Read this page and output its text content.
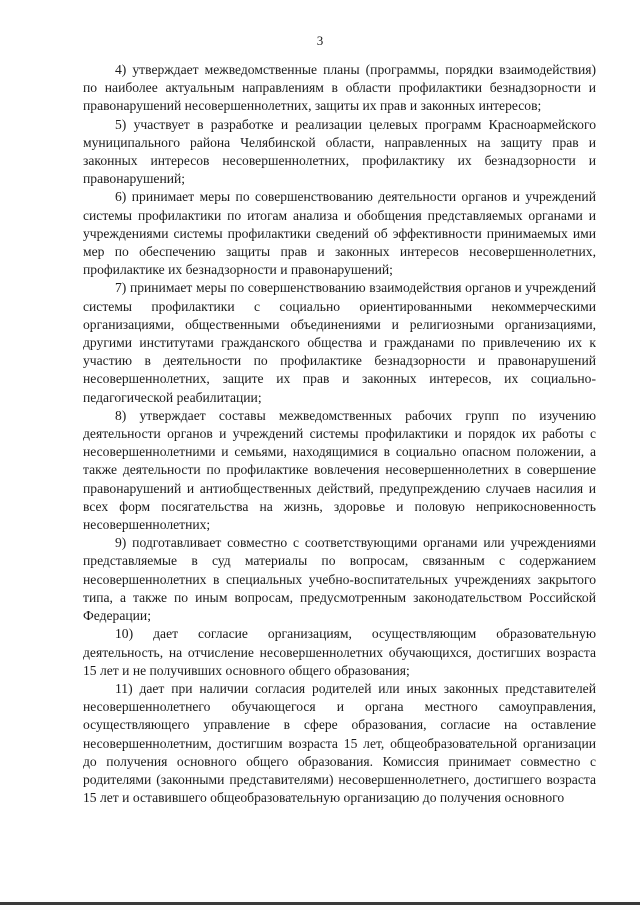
3

4) утверждает межведомственные планы (программы, порядки взаимодействия) по наиболее актуальным направлениям в области профилактики безнадзорности и правонарушений несовершеннолетних, защиты их прав и законных интересов;

5) участвует в разработке и реализации целевых программ Красноармейского муниципального района Челябинской области, направленных на защиту прав и законных интересов несовершеннолетних, профилактику их безнадзорности и правонарушений;

6) принимает меры по совершенствованию деятельности органов и учреждений системы профилактики по итогам анализа и обобщения представляемых органами и учреждениями системы профилактики сведений об эффективности принимаемых ими мер по обеспечению защиты прав и законных интересов несовершеннолетних, профилактике их безнадзорности и правонарушений;

7) принимает меры по совершенствованию взаимодействия органов и учреждений системы профилактики с социально ориентированными некоммерческими организациями, общественными объединениями и религиозными организациями, другими институтами гражданского общества и гражданами по привлечению их к участию в деятельности по профилактике безнадзорности и правонарушений несовершеннолетних, защите их прав и законных интересов, их социально-педагогической реабилитации;

8) утверждает составы межведомственных рабочих групп по изучению деятельности органов и учреждений системы профилактики и порядок их работы с несовершеннолетними и семьями, находящимися в социально опасном положении, а также деятельности по профилактике вовлечения несовершеннолетних в совершение правонарушений и антиобщественных действий, предупреждению случаев насилия и всех форм посягательства на жизнь, здоровье и половую неприкосновенность несовершеннолетних;

9) подготавливает совместно с соответствующими органами или учреждениями представляемые в суд материалы по вопросам, связанным с содержанием несовершеннолетних в специальных учебно-воспитательных учреждениях закрытого типа, а также по иным вопросам, предусмотренным законодательством Российской Федерации;

10) дает согласие организациям, осуществляющим образовательную деятельность, на отчисление несовершеннолетних обучающихся, достигших возраста 15 лет и не получивших основного общего образования;

11) дает при наличии согласия родителей или иных законных представителей несовершеннолетнего обучающегося и органа местного самоуправления, осуществляющего управление в сфере образования, согласие на оставление несовершеннолетним, достигшим возраста 15 лет, общеобразовательной организации до получения основного общего образования. Комиссия принимает совместно с родителями (законными представителями) несовершеннолетнего, достигшего возраста 15 лет и оставившего общеобразовательную организацию до получения основного
